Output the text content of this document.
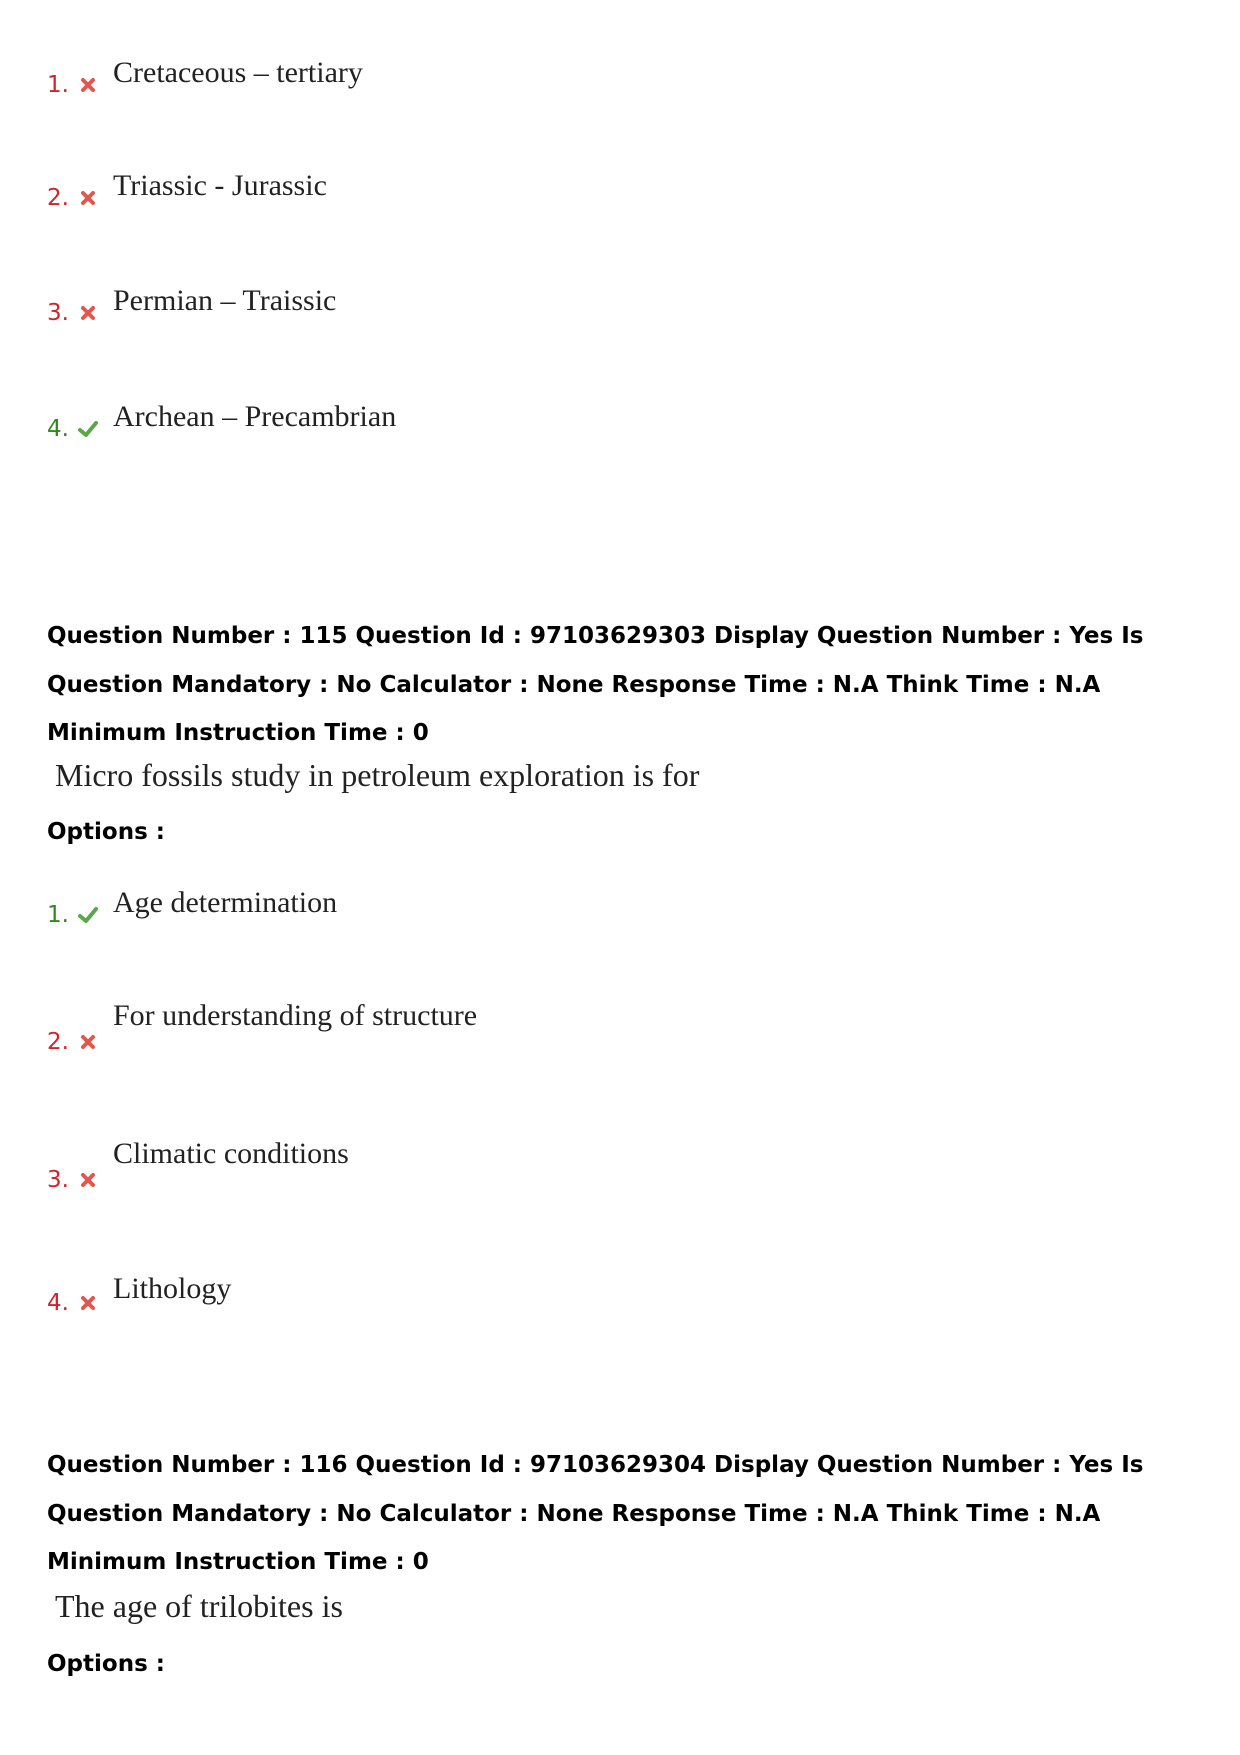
1. Cretaceous – tertiary
2. Triassic - Jurassic
3. Permian – Traissic
4. Archean – Precambrian
Question Number : 115 Question Id : 97103629303 Display Question Number : Yes Is Question Mandatory : No Calculator : None Response Time : N.A Think Time : N.A Minimum Instruction Time : 0
Micro fossils study in petroleum exploration is for
Options :
1. Age determination
2.
For understanding of structure
3.
Climatic conditions
4. Lithology
Question Number : 116 Question Id : 97103629304 Display Question Number : Yes Is Question Mandatory : No Calculator : None Response Time : N.A Think Time : N.A Minimum Instruction Time : 0
The age of trilobites is
Options :
